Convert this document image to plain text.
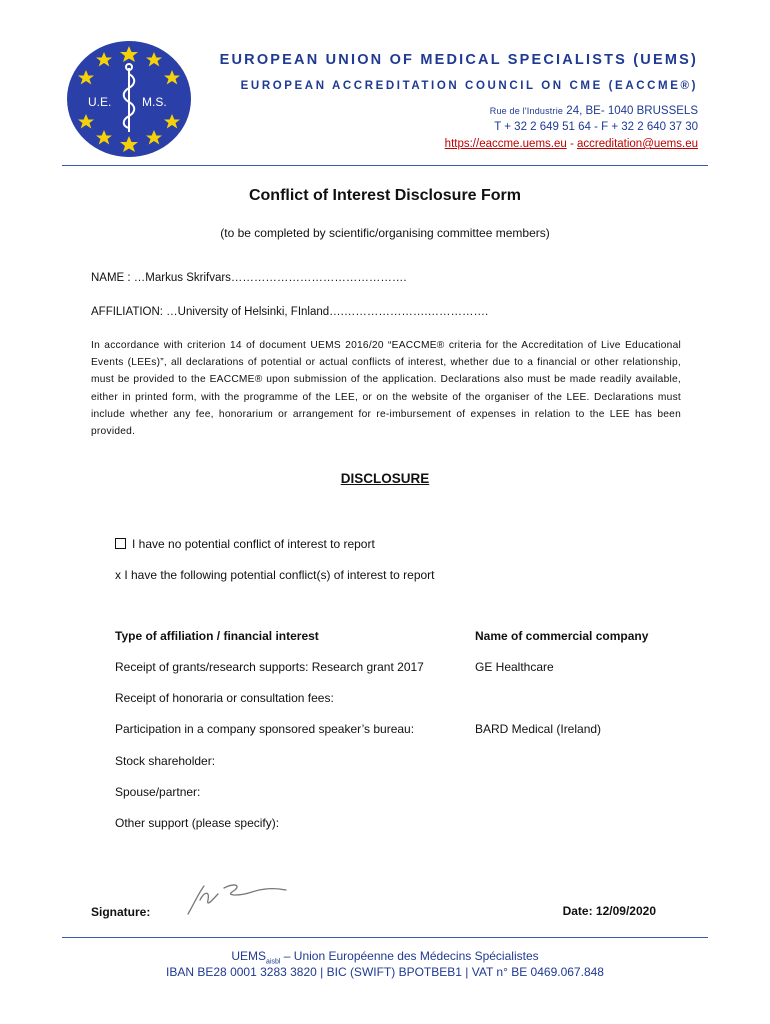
U.E.	M.S.
EUROPEAN UNION OF MEDICAL SPECIALISTS (UEMS)
EUROPEAN ACCREDITATION COUNCIL ON CME (EACCME®)
Rue de l'Industrie 24, BE- 1040 BRUSSELS
T + 32 2 649 51 64 - F + 32 2 640 37 30
https://eaccme.uems.eu - accreditation@uems.eu
Conflict of Interest Disclosure Form
(to be completed by scientific/organising committee members)
NAME : …Markus Skrifvars……………………………………….
AFFILIATION: …University of Helsinki, FInland….………………….…………….
In accordance with criterion 14 of document UEMS 2016/20 “EACCME® criteria for the Accreditation of Live Educational Events (LEEs)”, all declarations of potential or actual conflicts of interest, whether due to a financial or other relationship, must be provided to the EACCME® upon submission of the application. Declarations also must be made readily available, either in printed form, with the programme of the LEE, or on the website of the organiser of the LEE. Declarations must include whether any fee, honorarium or arrangement for re-imbursement of expenses in relation to the LEE has been provided.
DISCLOSURE
I have no potential conflict of interest to report
x I have the following potential conflict(s) of interest to report
Type of affiliation / financial interest	Name of commercial company
Receipt of grants/research supports: Research grant 2017	GE Healthcare
Receipt of honoraria or consultation fees:
Participation in a company sponsored speaker’s bureau:	BARD Medical (Ireland)
Stock shareholder:
Spouse/partner:
Other support (please specify):
Signature:	Date: 12/09/2020
$UEMS_{aisbl}$ – Union Européenne des Médecins Spécialistes
IBAN BE28 0001 3283 3820 | BIC (SWIFT) BPOTBEB1 | VAT n° BE 0469.067.848
